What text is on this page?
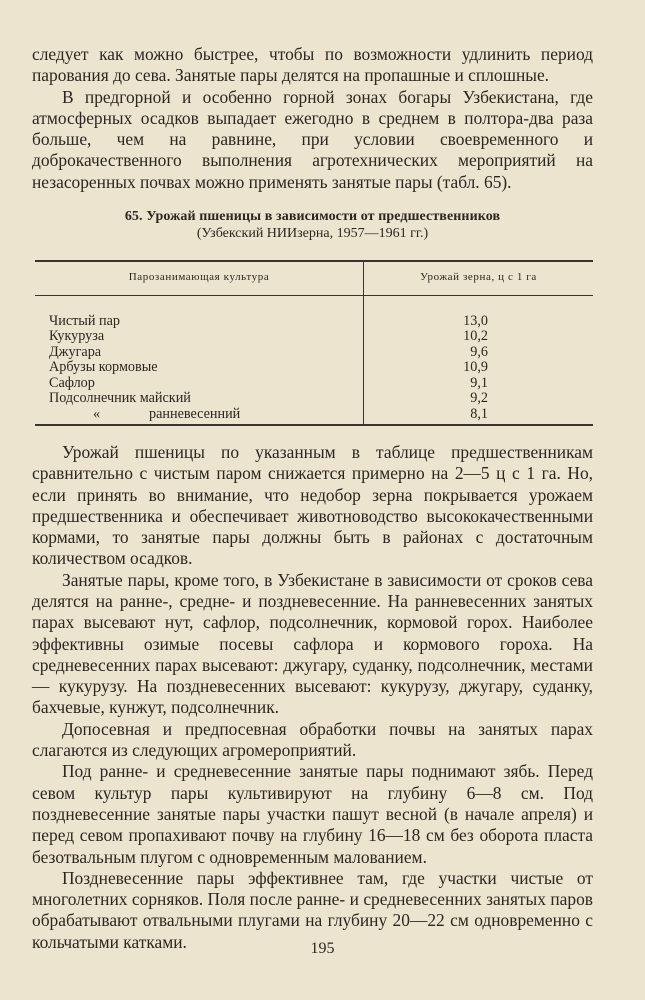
следует как можно быстрее, чтобы по возможности удлинить период парования до сева. Занятые пары делятся на пропашные и сплошные.

В предгорной и особенно горной зонах богары Узбекистана, где атмосферных осадков выпадает ежегодно в среднем в полтора-два раза больше, чем на равнине, при условии своевременного и доброкачественного выполнения агротехнических мероприятий на незасоренных почвах можно применять занятые пары (табл. 65).

65. Урожай пшеницы в зависимости от предшественников
(Узбекский НИИзерна, 1957—1961 гг.)
Парозанимающая культура	Урожай зерна, ц с 1 га

Чистый пар	13,0
Кукуруза	10,2
Джугара	9,6
Арбузы кормовые	10,9
Сафлор	9,1
Подсолнечник майский	9,2
« ранневесенний	8,1

Урожай пшеницы по указанным в таблице предшественникам сравнительно с чистым паром снижается примерно на 2—5 ц с 1 га. Но, если принять во внимание, что недобор зерна покрывается урожаем предшественника и обеспечивает животноводство высококачественными кормами, то занятые пары должны быть в районах с достаточным количеством осадков.

Занятые пары, кроме того, в Узбекистане в зависимости от сроков сева делятся на ранне-, средне- и поздневесенние. На ранневесенних занятых парах высевают нут, сафлор, подсолнечник, кормовой горох. Наиболее эффективны озимые посевы сафлора и кормового гороха. На средневесенних парах высевают: джугару, суданку, подсолнечник, местами — кукурузу. На поздневесенних высевают: кукурузу, джугару, суданку, бахчевые, кунжут, подсолнечник.

Допосевная и предпосевная обработки почвы на занятых парах слагаются из следующих агромероприятий.

Под ранне- и средневесенние занятые пары поднимают зябь. Перед севом культур пары культивируют на глубину 6—8 см. Под поздневесенние занятые пары участки пашут весной (в начале апреля) и перед севом пропахивают почву на глубину 16—18 см без оборота пласта безотвальным плугом с одновременным малованием.

Поздневесенние пары эффективнее там, где участки чистые от многолетних сорняков. Поля после ранне- и средневесенних занятых паров обрабатывают отвальными плугами на глубину 20—22 см одновременно с кольчатыми катками.	195
